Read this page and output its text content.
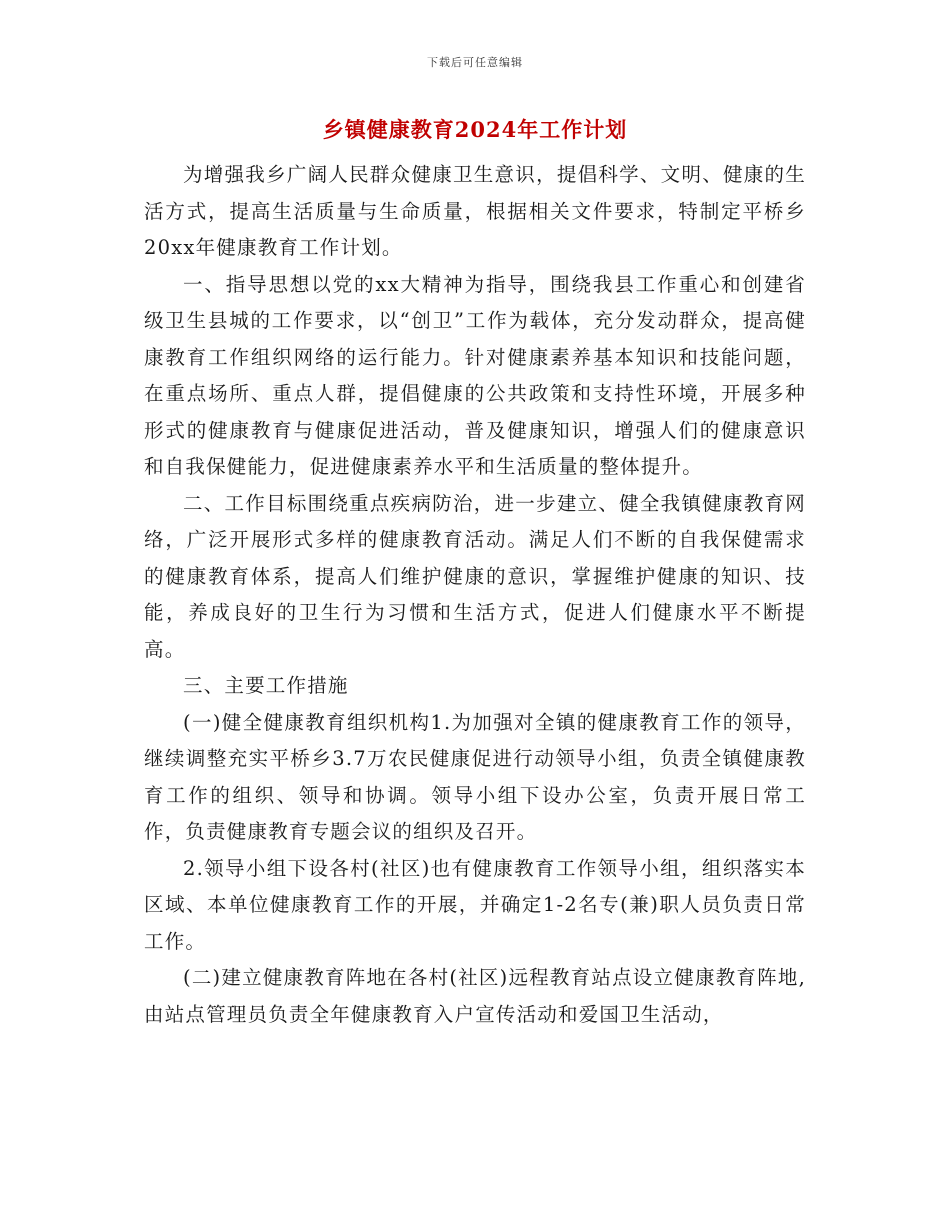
下载后可任意编辑
乡镇健康教育2024年工作计划

为增强我乡广阔人民群众健康卫生意识，提倡科学、文明、健康的生活方式，提高生活质量与生命质量，根据相关文件要求，特制定平桥乡20xx年健康教育工作计划。

一、指导思想以党的xx大精神为指导，围绕我县工作重心和创建省级卫生县城的工作要求，以“创卫”工作为载体，充分发动群众，提高健康教育工作组织网络的运行能力。针对健康素养基本知识和技能问题，在重点场所、重点人群，提倡健康的公共政策和支持性环境，开展多种形式的健康教育与健康促进活动，普及健康知识，增强人们的健康意识和自我保健能力，促进健康素养水平和生活质量的整体提升。

二、工作目标围绕重点疾病防治，进一步建立、健全我镇健康教育网络，广泛开展形式多样的健康教育活动。满足人们不断的自我保健需求的健康教育体系，提高人们维护健康的意识，掌握维护健康的知识、技能，养成良好的卫生行为习惯和生活方式，促进人们健康水平不断提高。

三、主要工作措施

(一)健全健康教育组织机构1.为加强对全镇的健康教育工作的领导，继续调整充实平桥乡3.7万农民健康促进行动领导小组，负责全镇健康教育工作的组织、领导和协调。领导小组下设办公室，负责开展日常工作，负责健康教育专题会议的组织及召开。

2.领导小组下设各村(社区)也有健康教育工作领导小组，组织落实本区域、本单位健康教育工作的开展，并确定1-2名专(兼)职人员负责日常工作。

(二)建立健康教育阵地在各村(社区)远程教育站点设立健康教育阵地,由站点管理员负责全年健康教育入户宣传活动和爱国卫生活动，
